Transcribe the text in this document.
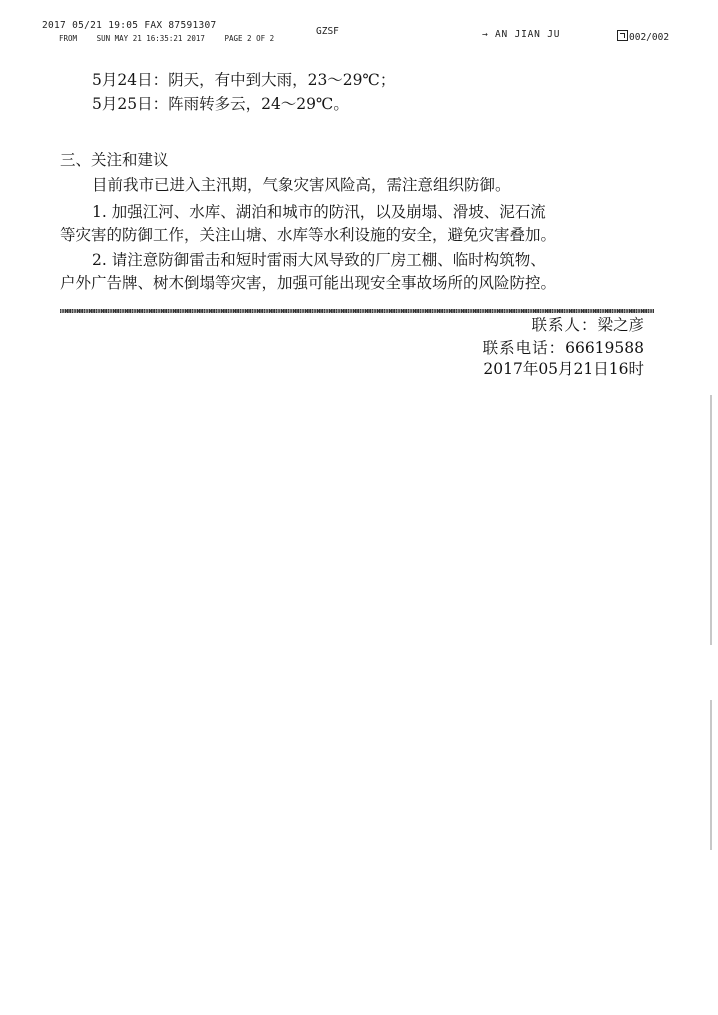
2017 05/21 19:05 FAX 87591307
FROM	SUN MAY 21 16:35:21 2017	PAGE 2 OF 2
GZSF	→ AN JIAN JU	002/002
5月24日：阴天，有中到大雨，23～29℃；
5月25日：阵雨转多云，24～29℃。
三、关注和建议
目前我市已进入主汛期，气象灾害风险高，需注意组织防御。
1. 加强江河、水库、湖泊和城市的防汛，以及崩塌、滑坡、泥石流
等灾害的防御工作，关注山塘、水库等水利设施的安全，避免灾害叠加。
2. 请注意防御雷击和短时雷雨大风导致的厂房工棚、临时构筑物、
户外广告牌、树木倒塌等灾害，加强可能出现安全事故场所的风险防控。
联系人：梁之彦
联系电话：66619588
2017年05月21日16时
